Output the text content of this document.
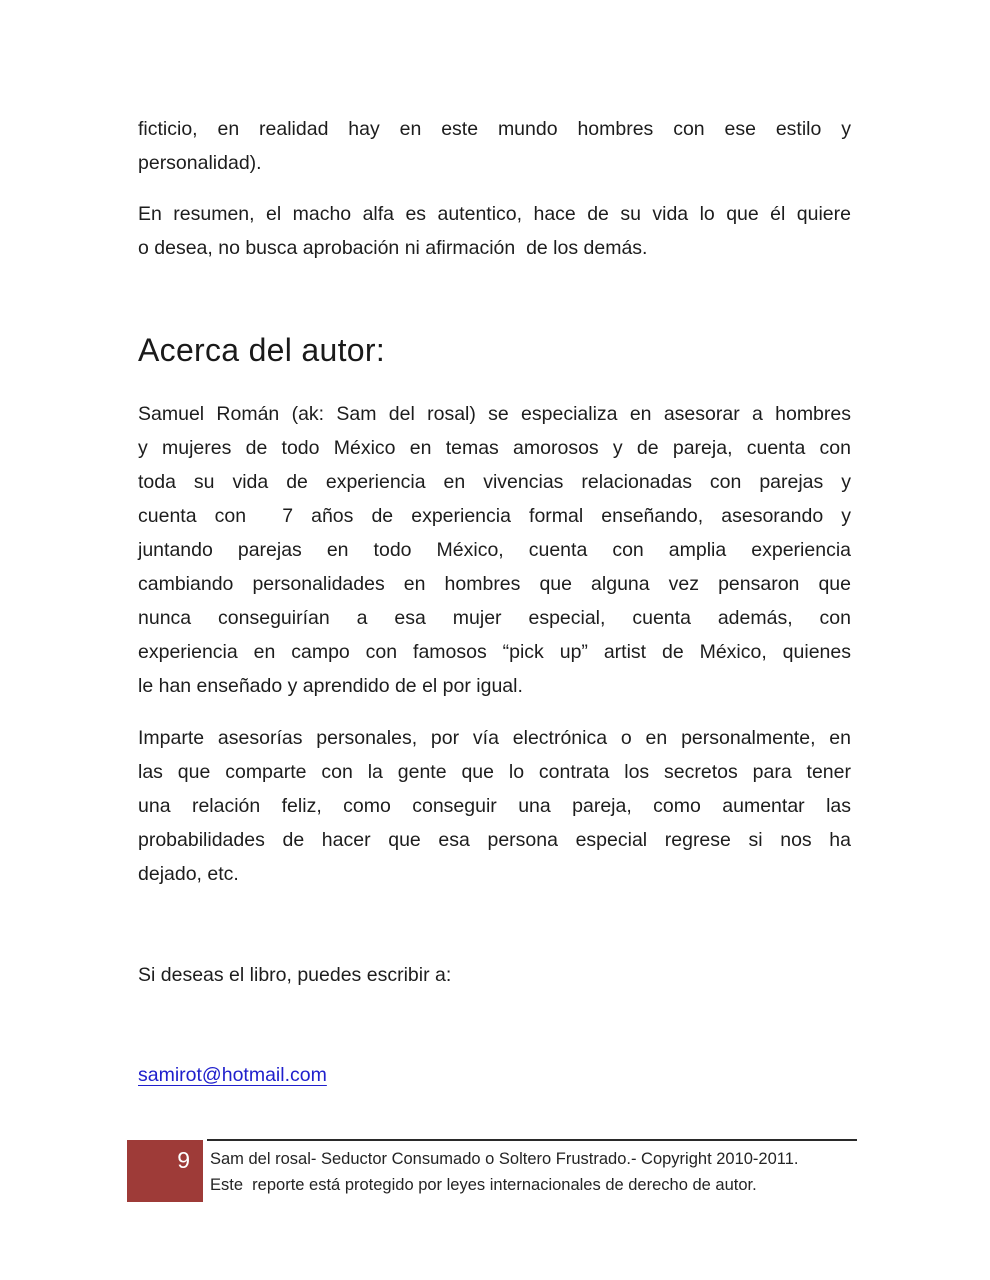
ficticio, en realidad hay en este mundo hombres con ese estilo y
personalidad).
En resumen, el macho alfa es autentico, hace de su vida lo que él quiere
o desea, no busca aprobación ni afirmación  de los demás.
Acerca del autor:
Samuel Román (ak: Sam del rosal) se especializa en asesorar a hombres
y mujeres de todo México en temas amorosos y de pareja, cuenta con
toda su vida de experiencia en vivencias relacionadas con parejas y
cuenta con  7 años de experiencia formal enseñando, asesorando y
juntando parejas en todo México, cuenta con amplia experiencia
cambiando personalidades en hombres que alguna vez pensaron que
nunca conseguirían a esa mujer especial, cuenta además, con
experiencia en campo con famosos “pick up” artist de México, quienes
le han enseñado y aprendido de el por igual.
Imparte asesorías personales, por vía electrónica o en personalmente, en
las que comparte con la gente que lo contrata los secretos para tener
una relación feliz, como conseguir una pareja, como aumentar las
probabilidades de hacer que esa persona especial regrese si nos ha
dejado, etc.
Si deseas el libro, puedes escribir a:
samirot@hotmail.com
9	Sam del rosal- Seductor Consumado o Soltero Frustrado.- Copyright 2010-2011.
Este  reporte está protegido por leyes internacionales de derecho de autor.
